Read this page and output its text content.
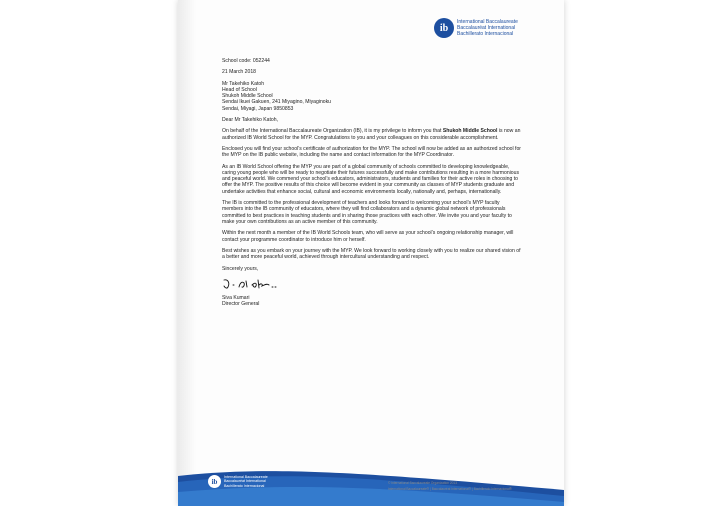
ib
International Baccalaureate
Baccalauréat International
Bachillerato Internacional

School code: 052244

21 March 2018

Mr Takehiko Katoh
Head of School
Shukoh Middle School
Sendai Ikuei Gakuen, 241 Miyagino, Miyaginoku
Sendai, Miyagi, Japan 9850853

Dear Mr Takehiko Katoh,

On behalf of the International Baccalaureate Organization (IB), it is my privilege to inform you that Shukoh Middle School is now an authorized IB World School for the MYP. Congratulations to you and your colleagues on this considerable accomplishment.

Enclosed you will find your school’s certificate of authorization for the MYP. The school will now be added as an authorized school for the MYP on the IB public website, including the name and contact information for the MYP Coordinator.

As an IB World School offering the MYP you are part of a global community of schools committed to developing knowledgeable, caring young people who will be ready to negotiate their futures successfully and make contributions resulting in a more harmonious and peaceful world. We commend your school’s educators, administrators, students and families for their active roles in choosing to offer the MYP. The positive results of this choice will become evident in your community as classes of MYP students graduate and undertake activities that enhance social, cultural and economic environments locally, nationally and, perhaps, internationally.

The IB is committed to the professional development of teachers and looks forward to welcoming your school’s MYP faculty members into the IB community of educators, where they will find collaborators and a dynamic global network of professionals committed to best practices in teaching students and in sharing those practices with each other. We invite you and your faculty to make your own contributions as an active member of this community.

Within the next month a member of the IB World Schools team, who will serve as your school’s ongoing relationship manager, will contact your programme coordinator to introduce him or herself.

Best wishes as you embark on your journey with the MYP. We look forward to working closely with you to realize our shared vision of a better and more peaceful world, achieved through intercultural understanding and respect.

Sincerely yours,
Siva Kumari
Director General
ib
International Baccalaureate
Baccalauréat International
Bachillerato Internacional
© International Baccalaureate Organization 2013
International Baccalaureate® | Baccalauréat International® | Bachillerato Internacional®
